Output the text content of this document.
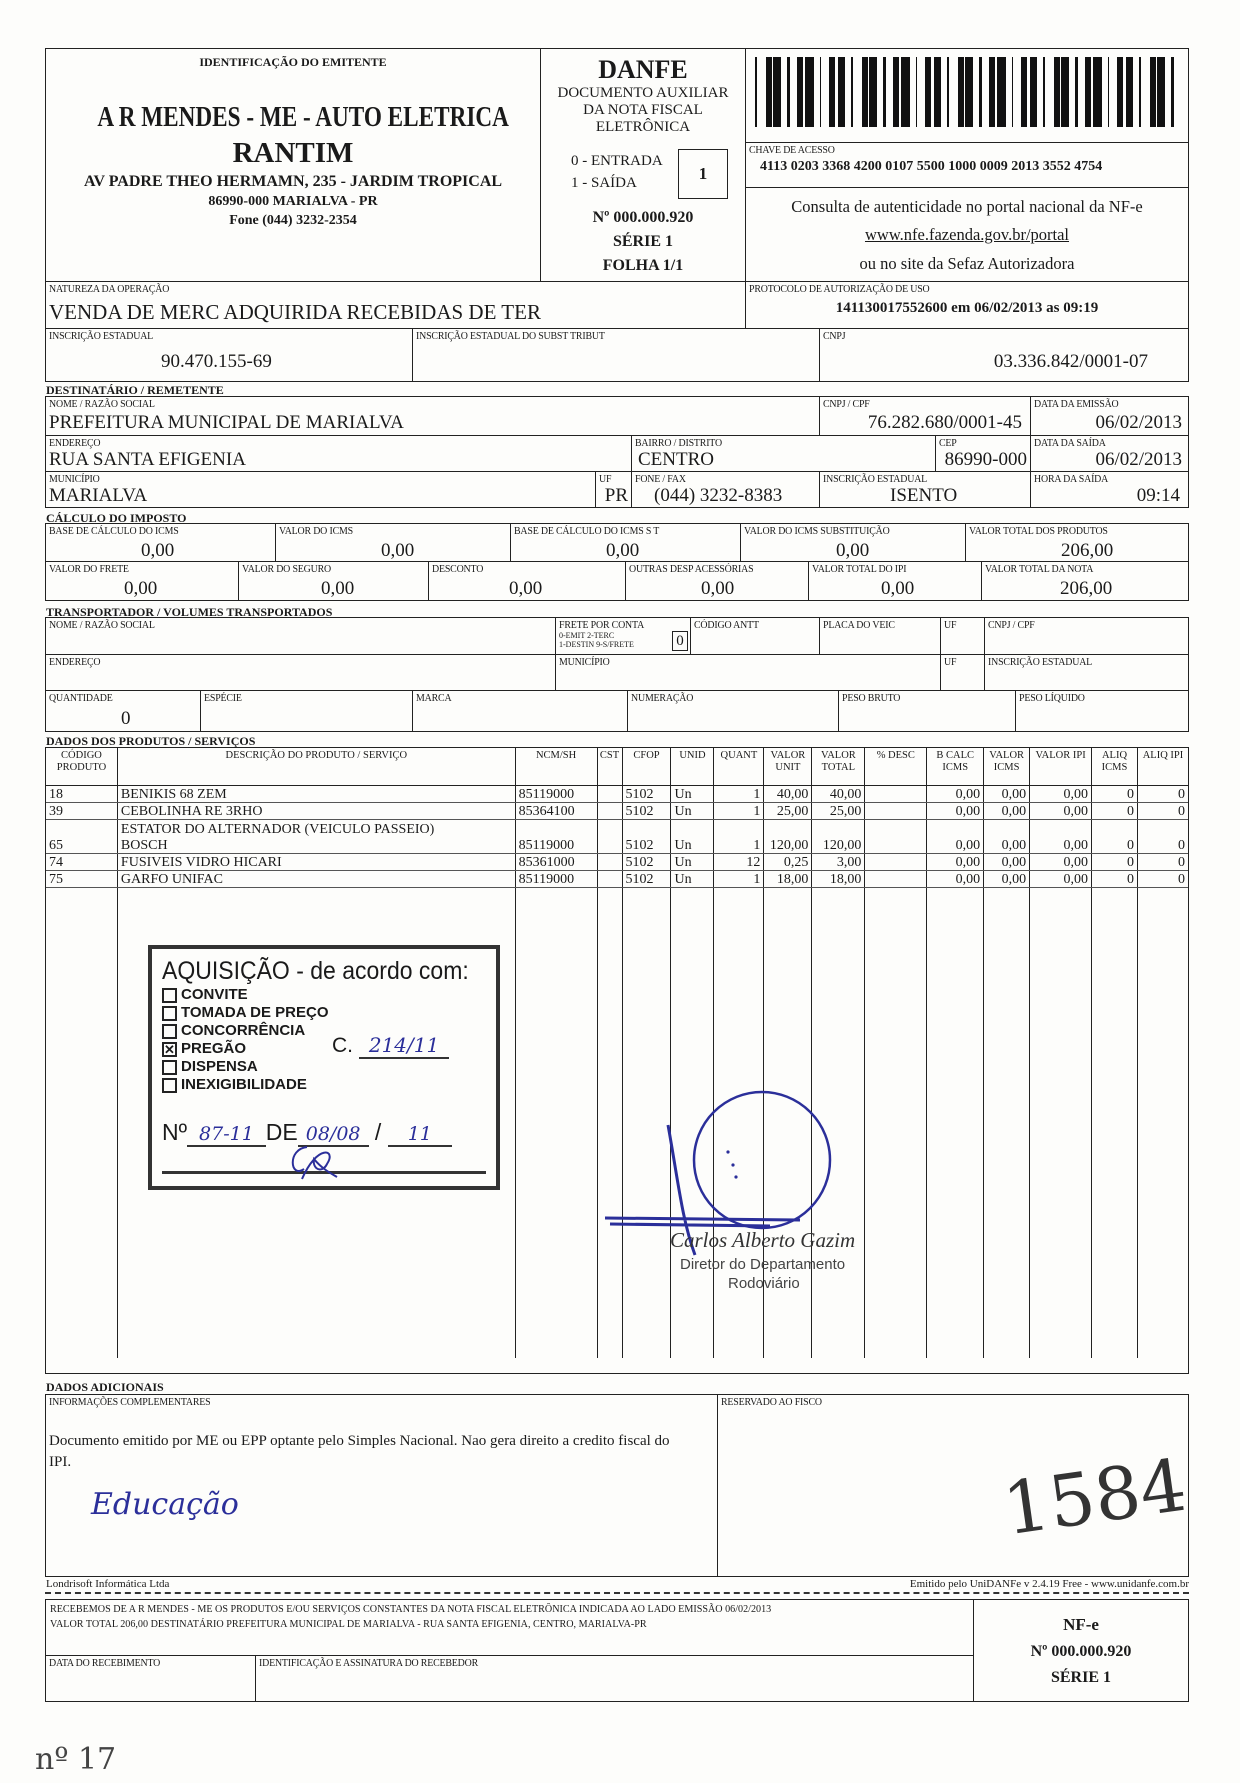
IDENTIFICAÇÃO DO EMITENTE
A R MENDES - ME - AUTO ELETRICA
RANTIM
AV PADRE THEO HERMAMN, 235 - JARDIM TROPICAL
86990-000 MARIALVA - PR
Fone (044) 3232-2354
DANFE
DOCUMENTO AUXILIAR
DA NOTA FISCAL
ELETRÔNICA
0 - ENTRADA
1 - SAÍDA	1
Nº 000.000.920
SÉRIE 1
FOLHA 1/1
CHAVE DE ACESSO
4113 0203 3368 4200 0107 5500 1000 0009 2013 3552 4754
Consulta de autenticidade no portal nacional da NF-e
www.nfe.fazenda.gov.br/portal
ou no site da Sefaz Autorizadora
NATUREZA DA OPERAÇÃO
VENDA DE MERC ADQUIRIDA RECEBIDAS DE TER
PROTOCOLO DE AUTORIZAÇÃO DE USO
141130017552600 em 06/02/2013 as 09:19
INSCRIÇÃO ESTADUAL
90.470.155-69
INSCRIÇÃO ESTADUAL DO SUBST TRIBUT	CNPJ
03.336.842/0001-07
DESTINATÁRIO / REMETENTE
NOME / RAZÃO SOCIAL
PREFEITURA MUNICIPAL DE MARIALVA
CNPJ / CPF
76.282.680/0001-45
DATA DA EMISSÃO
06/02/2013
ENDEREÇO
RUA SANTA EFIGENIA
BAIRRO / DISTRITO
CENTRO
CEP
86990-000
DATA DA SAÍDA
06/02/2013
MUNICÍPIO
MARIALVA
UF
PR
FONE / FAX
(044) 3232-8383
INSCRIÇÃO ESTADUAL
ISENTO
HORA DA SAÍDA
09:14
CÁLCULO DO IMPOSTO
BASE DE CÁLCULO DO ICMS
0,00
VALOR DO ICMS
0,00
BASE DE CÁLCULO DO ICMS S T
0,00
VALOR DO ICMS SUBSTITUIÇÃO
0,00
VALOR TOTAL DOS PRODUTOS
206,00
VALOR DO FRETE
0,00
VALOR DO SEGURO
0,00
DESCONTO
0,00
OUTRAS DESP ACESSÓRIAS
0,00
VALOR TOTAL DO IPI
0,00
VALOR TOTAL DA NOTA
206,00
TRANSPORTADOR / VOLUMES TRANSPORTADOS
NOME / RAZÃO SOCIAL	FRETE POR CONTA
0-EMIT 2-TERC
1-DESTIN 9-S/FRETE	0
CÓDIGO ANTT	PLACA DO VEIC	UF	CNPJ / CPF
ENDEREÇO	MUNICÍPIO	UF	INSCRIÇÃO ESTADUAL
QUANTIDADE
0
ESPÉCIE	MARCA	NUMERAÇÃO	PESO BRUTO	PESO LÍQUIDO
DADOS DOS PRODUTOS / SERVIÇOS
CÓDIGO PRODUTO	DESCRIÇÃO DO PRODUTO / SERVIÇO	NCM/SH	CST	CFOP	UNID	QUANT	VALOR UNIT	VALOR TOTAL	% DESC	B CALC ICMS	VALOR ICMS	VALOR IPI	ALIQ ICMS	ALIQ IPI
18	BENIKIS 68 ZEM	85119000		5102	Un	1	40,00	40,00		0,00	0,00	0,00	0	0
39	CEBOLINHA RE 3RHO	85364100		5102	Un	1	25,00	25,00		0,00	0,00	0,00	0	0
	ESTATOR DO ALTERNADOR (VEICULO PASSEIO)													
65	BOSCH	85119000		5102	Un	1	120,00	120,00		0,00	0,00	0,00	0	0
74	FUSIVEIS VIDRO HICARI	85361000		5102	Un	12	0,25	3,00		0,00	0,00	0,00	0	0
75	GARFO UNIFAC	85119000		5102	Un	1	18,00	18,00		0,00	0,00	0,00	0	0

AQUISIÇÃO - de acordo com:
CONVITE
TOMADA DE PREÇO
CONCORRÊNCIA
✕ PREGÃO
DISPENSA
INEXIGIBILIDADE
C. 214/11
Nº 87-11 DE 08/08 / 11
Carlos Alberto Gazim
Diretor do Departamento
Rodoviário
DADOS ADICIONAIS
INFORMAÇÕES COMPLEMENTARES
Documento emitido por ME ou EPP optante pelo Simples Nacional. Nao gera direito a credito fiscal do IPI.
Educação
RESERVADO AO FISCO
1584
Londrisoft Informática Ltda	Emitido pelo UniDANFe v 2.4.19 Free - www.unidanfe.com.br
RECEBEMOS DE A R MENDES - ME OS PRODUTOS E/OU SERVIÇOS CONSTANTES DA NOTA FISCAL ELETRÔNICA INDICADA AO LADO EMISSÃO 06/02/2013
VALOR TOTAL 206,00 DESTINATÁRIO PREFEITURA MUNICIPAL DE MARIALVA - RUA SANTA EFIGENIA, CENTRO, MARIALVA-PR
DATA DO RECEBIMENTO	IDENTIFICAÇÃO E ASSINATURA DO RECEBEDOR
NF-e
Nº 000.000.920
SÉRIE 1
nº 17
